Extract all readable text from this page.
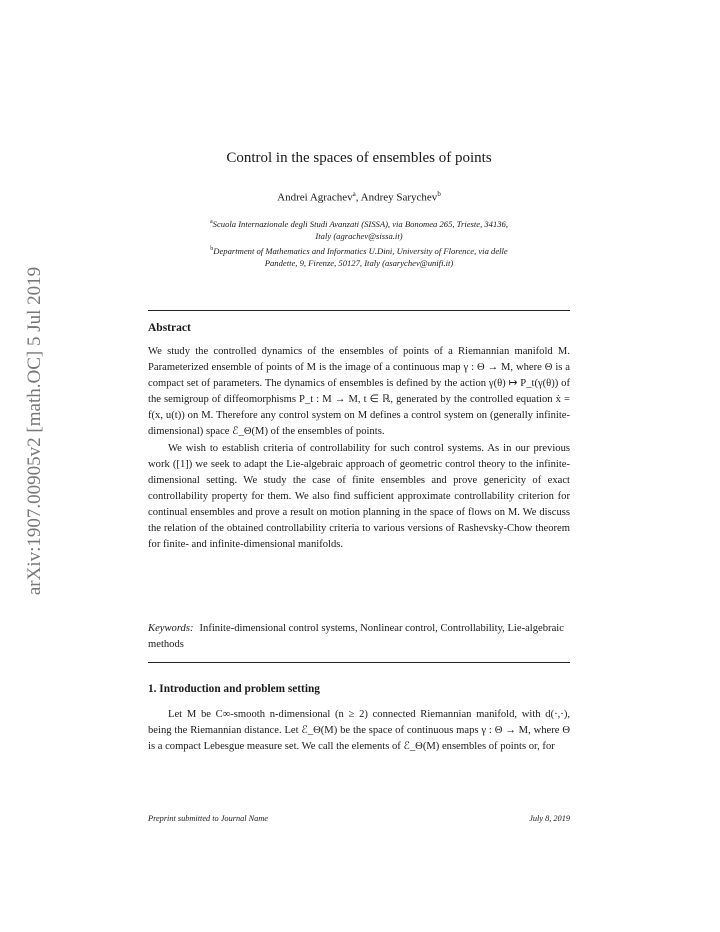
arXiv:1907.00905v2 [math.OC] 5 Jul 2019
Control in the spaces of ensembles of points
Andrei Agrachev$^a$, Andrey Sarychev$^b$
$^a$Scuola Internazionale degli Studi Avanzati (SISSA), via Bonomea 265, Trieste, 34136,
Italy (agrachev@sissa.it)
$^b$Department of Mathematics and Informatics U.Dini, University of Florence, via delle
Pandette, 9, Firenze, 50127, Italy (asarychev@unifi.it)
Abstract

We study the controlled dynamics of the ensembles of points of a Riemannian manifold M. Parameterized ensemble of points of M is the image of a continuous map γ : Θ → M, where Θ is a compact set of parameters. The dynamics of ensembles is defined by the action γ(θ) ↦ P_t(γ(θ)) of the semigroup of diffeomorphisms P_t : M → M, t ∈ ℝ, generated by the controlled equation ẋ = f(x, u(t)) on M. Therefore any control system on M defines a control system on (generally infinite-dimensional) space ℰ_Θ(M) of the ensembles of points.

We wish to establish criteria of controllability for such control systems. As in our previous work ([1]) we seek to adapt the Lie-algebraic approach of geometric control theory to the infinite-dimensional setting. We study the case of finite ensembles and prove genericity of exact controllability property for them. We also find sufficient approximate controllability criterion for continual ensembles and prove a result on motion planning in the space of flows on M. We discuss the relation of the obtained controllability criteria to various versions of Rashevsky-Chow theorem for finite- and infinite-dimensional manifolds.

Keywords: Infinite-dimensional control systems, Nonlinear control, Controllability, Lie-algebraic methods
1. Introduction and problem setting
Let M be C∞-smooth n-dimensional (n ≥ 2) connected Riemannian manifold, with d(·,·), being the Riemannian distance. Let ℰ_Θ(M) be the space of continuous maps γ : Θ → M, where Θ is a compact Lebesgue measure set. We call the elements of ℰ_Θ(M) ensembles of points or, for
Preprint submitted to Journal Name	July 8, 2019
